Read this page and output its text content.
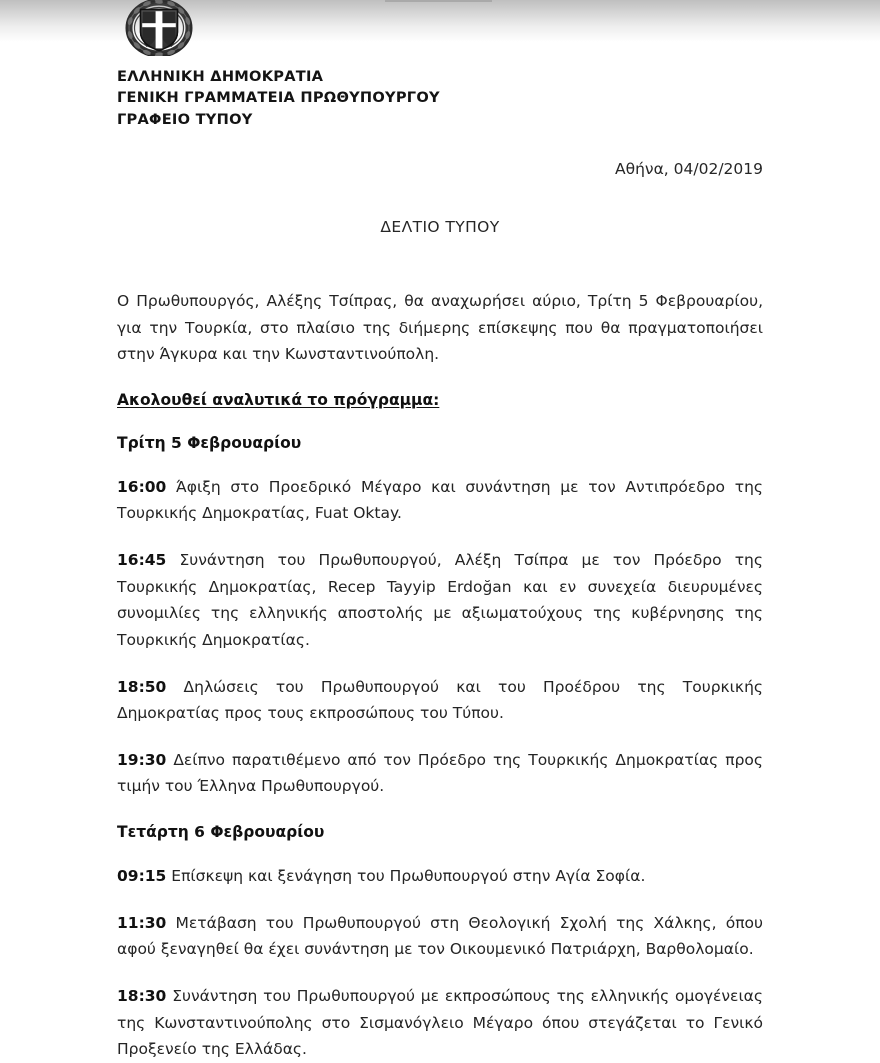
ΕΛΛΗΝΙΚΗ ΔΗΜΟΚΡΑΤΙΑ
ΓΕΝΙΚΗ ΓΡΑΜΜΑΤΕΙΑ ΠΡΩΘΥΠΟΥΡΓΟΥ
ΓΡΑΦΕΙΟ ΤΥΠΟΥ
Αθήνα, 04/02/2019
ΔΕΛΤΙΟ ΤΥΠΟΥ

Ο Πρωθυπουργός, Αλέξης Τσίπρας, θα αναχωρήσει αύριο, Τρίτη 5 Φεβρουαρίου, για την Τουρκία, στο πλαίσιο της διήμερης επίσκεψης που θα πραγματοποιήσει στην Άγκυρα και την Κωνσταντινούπολη.

Ακολουθεί αναλυτικά το πρόγραμμα:

Τρίτη 5 Φεβρουαρίου

16:00 Άφιξη στο Προεδρικό Μέγαρο και συνάντηση με τον Αντιπρόεδρο της Τουρκικής Δημοκρατίας, Fuat Oktay.

16:45 Συνάντηση του Πρωθυπουργού, Αλέξη Τσίπρα με τον Πρόεδρο της Τουρκικής Δημοκρατίας, Recep Tayyip Erdoğan και εν συνεχεία διευρυμένες συνομιλίες της ελληνικής αποστολής με αξιωματούχους της κυβέρνησης της Τουρκικής Δημοκρατίας.

18:50 Δηλώσεις του Πρωθυπουργού και του Προέδρου της Τουρκικής Δημοκρατίας προς τους εκπροσώπους του Τύπου.

19:30 Δείπνο παρατιθέμενο από τον Πρόεδρο της Τουρκικής Δημοκρατίας προς τιμήν του Έλληνα Πρωθυπουργού.

Τετάρτη 6 Φεβρουαρίου

09:15 Επίσκεψη και ξενάγηση του Πρωθυπουργού στην Αγία Σοφία.

11:30 Μετάβαση του Πρωθυπουργού στη Θεολογική Σχολή της Χάλκης, όπου αφού ξεναγηθεί θα έχει συνάντηση με τον Οικουμενικό Πατριάρχη, Βαρθολομαίο.

18:30 Συνάντηση του Πρωθυπουργού με εκπροσώπους της ελληνικής ομογένειας της Κωνσταντινούπολης στο Σισμανόγλειο Μέγαρο όπου στεγάζεται το Γενικό Προξενείο της Ελλάδας.
